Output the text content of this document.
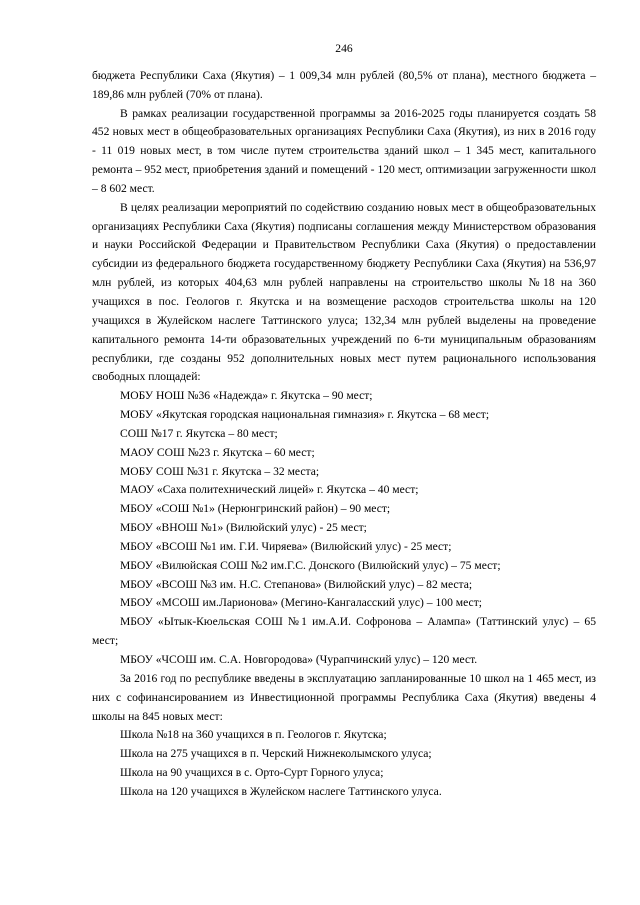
246

бюджета Республики Саха (Якутия) – 1 009,34 млн рублей (80,5% от плана), местного бюджета – 189,86 млн рублей (70% от плана).

В рамках реализации государственной программы за 2016-2025 годы планируется создать 58 452 новых мест в общеобразовательных организациях Республики Саха (Якутия), из них в 2016 году - 11 019 новых мест, в том числе путем строительства зданий школ – 1 345 мест, капитального ремонта – 952 мест, приобретения зданий и помещений - 120 мест, оптимизации загруженности школ – 8 602 мест.

В целях реализации мероприятий по содействию созданию новых мест в общеобразовательных организациях Республики Саха (Якутия) подписаны соглашения между Министерством образования и науки Российской Федерации и Правительством Республики Саха (Якутия) о предоставлении субсидии из федерального бюджета государственному бюджету Республики Саха (Якутия) на 536,97 млн рублей, из которых 404,63 млн рублей направлены на строительство школы №18 на 360 учащихся в пос. Геологов г. Якутска и на возмещение расходов строительства школы на 120 учащихся в Жулейском наслеге Таттинского улуса; 132,34 млн рублей выделены на проведение капитального ремонта 14-ти образовательных учреждений по 6-ти муниципальным образованиям республики, где созданы 952 дополнительных новых мест путем рационального использования свободных площадей:

МОБУ НОШ №36 «Надежда» г. Якутска – 90 мест;

МОБУ «Якутская городская национальная гимназия» г. Якутска – 68 мест;

СОШ №17 г. Якутска – 80 мест;

МАОУ СОШ №23 г. Якутска – 60 мест;

МОБУ СОШ №31 г. Якутска – 32 места;

МАОУ «Саха политехнический лицей» г. Якутска – 40 мест;

МБОУ «СОШ №1» (Нерюнгринский район) – 90 мест;

МБОУ «ВНОШ №1» (Вилюйский улус) - 25 мест;

МБОУ «ВСОШ №1 им. Г.И. Чиряева» (Вилюйский улус) - 25 мест;

МБОУ «Вилюйская СОШ №2 им.Г.С. Донского (Вилюйский улус) – 75 мест;

МБОУ «ВСОШ №3 им. Н.С. Степанова» (Вилюйский улус) – 82 места;

МБОУ «МСОШ им.Ларионова» (Мегино-Кангаласский улус) – 100 мест;

МБОУ «Ытык-Кюельская СОШ №1 им.А.И. Софронова – Алампа» (Таттинский улус) – 65 мест;

МБОУ «ЧСОШ им. С.А. Новгородова» (Чурапчинский улус) – 120 мест.

За 2016 год по республике введены в эксплуатацию запланированные 10 школ на 1 465 мест, из них с софинансированием из Инвестиционной программы Республика Саха (Якутия) введены 4 школы на 845 новых мест:

Школа №18 на 360 учащихся в п. Геологов г. Якутска;

Школа на 275 учащихся в п. Черский Нижнеколымского улуса;

Школа на 90 учащихся в с. Орто-Сурт Горного улуса;

Школа на 120 учащихся в Жулейском наслеге Таттинского улуса.
